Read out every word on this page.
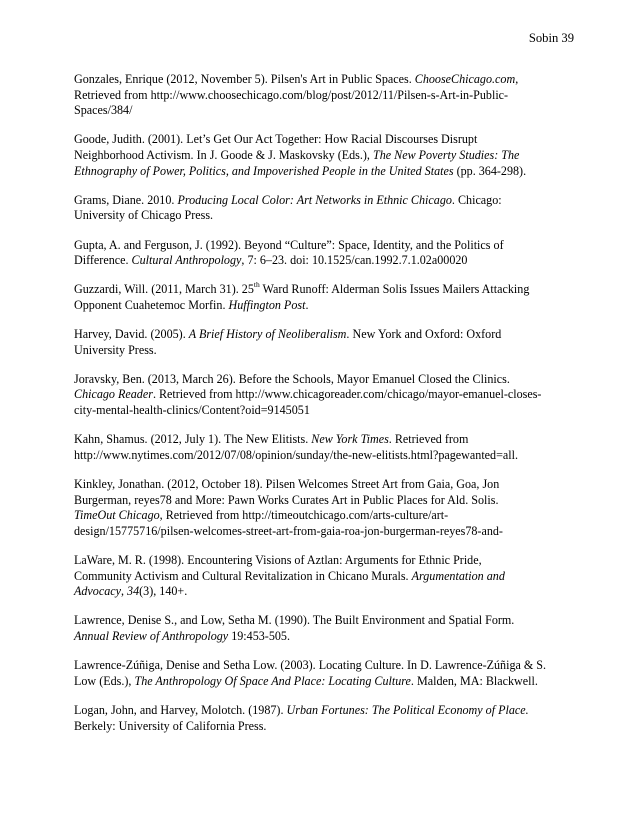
Sobin 39

Gonzales, Enrique (2012, November 5). Pilsen's Art in Public Spaces. ChooseChicago.com,
Retrieved from http://www.choosechicago.com/blog/post/2012/11/Pilsen-s-Art-in-Public-
Spaces/384/

Goode, Judith. (2001). Let’s Get Our Act Together: How Racial Discourses Disrupt
Neighborhood Activism. In J. Goode & J. Maskovsky (Eds.), The New Poverty Studies: The
Ethnography of Power, Politics, and Impoverished People in the United States (pp. 364-298).

Grams, Diane. 2010. Producing Local Color: Art Networks in Ethnic Chicago. Chicago:
University of Chicago Press.

Gupta, A. and Ferguson, J. (1992). Beyond “Culture”: Space, Identity, and the Politics of
Difference. Cultural Anthropology, 7: 6–23. doi: 10.1525/can.1992.7.1.02a00020

Guzzardi, Will. (2011, March 31). 25th Ward Runoff: Alderman Solis Issues Mailers Attacking
Opponent Cuahetemoc Morfin. Huffington Post.

Harvey, David. (2005). A Brief History of Neoliberalism. New York and Oxford: Oxford
University Press.

Joravsky, Ben. (2013, March 26). Before the Schools, Mayor Emanuel Closed the Clinics.
Chicago Reader. Retrieved from http://www.chicagoreader.com/chicago/mayor-emanuel-closes-
city-mental-health-clinics/Content?oid=9145051

Kahn, Shamus. (2012, July 1). The New Elitists. New York Times. Retrieved from
http://www.nytimes.com/2012/07/08/opinion/sunday/the-new-elitists.html?pagewanted=all.

Kinkley, Jonathan. (2012, October 18). Pilsen Welcomes Street Art from Gaia, Goa, Jon
Burgerman, reyes78 and More: Pawn Works Curates Art in Public Places for Ald. Solis.
TimeOut Chicago, Retrieved from http://timeoutchicago.com/arts-culture/art-
design/15775716/pilsen-welcomes-street-art-from-gaia-roa-jon-burgerman-reyes78-and-

LaWare, M. R. (1998). Encountering Visions of Aztlan: Arguments for Ethnic Pride,
Community Activism and Cultural Revitalization in Chicano Murals. Argumentation and
Advocacy, 34(3), 140+.

Lawrence, Denise S., and Low, Setha M. (1990). The Built Environment and Spatial Form.
Annual Review of Anthropology 19:453-505.

Lawrence-Zúñiga, Denise and Setha Low. (2003). Locating Culture. In D. Lawrence-Zúñiga & S.
Low (Eds.), The Anthropology Of Space And Place: Locating Culture. Malden, MA: Blackwell.

Logan, John, and Harvey, Molotch. (1987). Urban Fortunes: The Political Economy of Place.
Berkely: University of California Press.
